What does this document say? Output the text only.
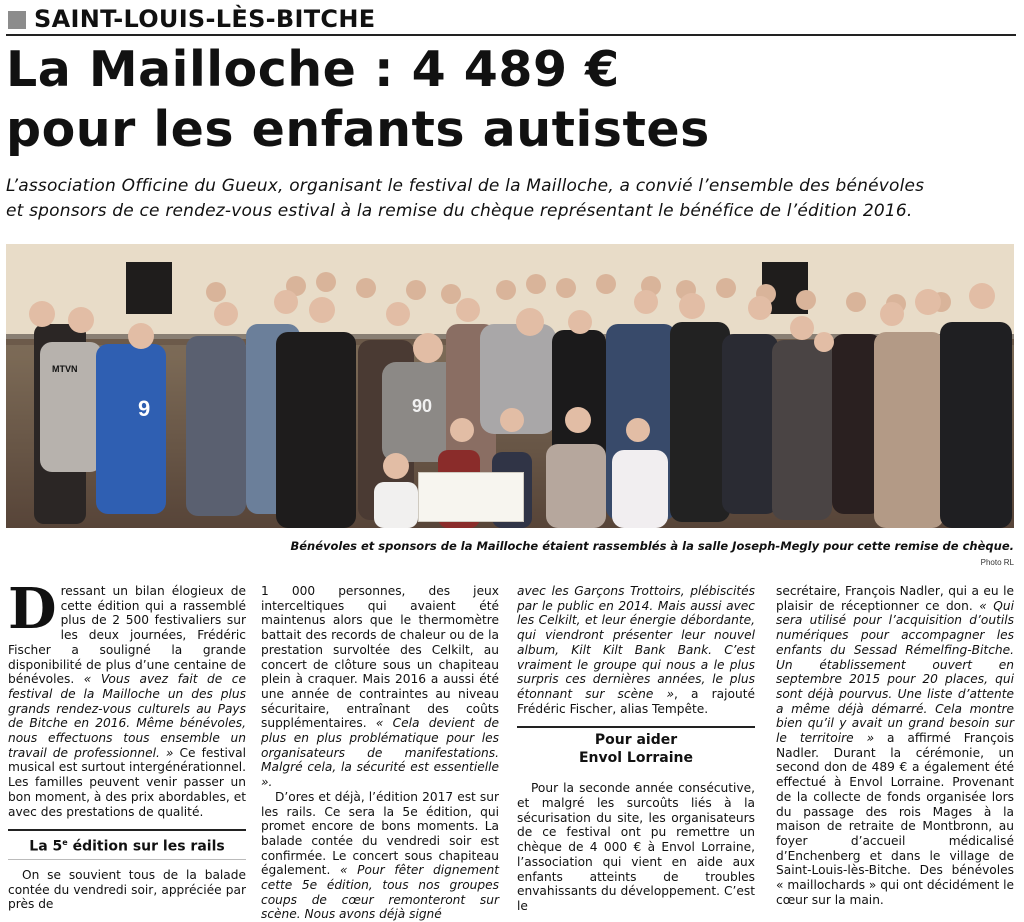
SAINT-LOUIS-LÈS-BITCHE
La Mailloche : 4 489 €
pour les enfants autistes
L’association Officine du Gueux, organisant le festival de la Mailloche, a convié l’ensemble des bénévoles
et sponsors de ce rendez-vous estival à la remise du chèque représentant le bénéfice de l’édition 2016.
9	90
MTVN
Bénévoles et sponsors de la Mailloche étaient rassemblés à la salle Joseph-Megly pour cette remise de chèque.
Photo RL

Dressant un bilan élogieux de cette édition qui a rassemblé plus de 2 500 festivaliers sur les deux journées, Frédéric Fischer a souligné la grande disponibilité de plus d’une centaine de bénévoles. « Vous avez fait de ce festival de la Mailloche un des plus grands rendez-vous culturels au Pays de Bitche en 2016. Même bénévoles, nous effectuons tous ensemble un travail de professionnel. » Ce festival musical est surtout intergénérationnel. Les familles peuvent venir passer un bon moment, à des prix abordables, et avec des prestations de qualité.

La 5e édition sur les rails

On se souvient tous de la balade contée du vendredi soir, appréciée par près de

1 000 personnes, des jeux interceltiques qui avaient été maintenus alors que le thermomètre battait des records de chaleur ou de la prestation survoltée des Celkilt, au concert de clôture sous un chapiteau plein à craquer. Mais 2016 a aussi été une année de contraintes au niveau sécuritaire, entraînant des coûts supplémentaires. « Cela devient de plus en plus problématique pour les organisateurs de manifestations. Malgré cela, la sécurité est essentielle ».

D’ores et déjà, l’édition 2017 est sur les rails. Ce sera la 5e édition, qui promet encore de bons moments. La balade contée du vendredi soir est confirmée. Le concert sous chapiteau également. « Pour fêter dignement cette 5e édition, tous nos groupes coups de cœur remonteront sur scène. Nous avons déjà signé

avec les Garçons Trottoirs, plébiscités par le public en 2014. Mais aussi avec les Celkilt, et leur énergie débordante, qui viendront présenter leur nouvel album, Kilt Kilt Bank Bank. C’est vraiment le groupe qui nous a le plus surpris ces dernières années, le plus étonnant sur scène », a rajouté Frédéric Fischer, alias Tempête.

Pour aider
Envol Lorraine

Pour la seconde année consécutive, et malgré les surcoûts liés à la sécurisation du site, les organisateurs de ce festival ont pu remettre un chèque de 4 000 € à Envol Lorraine, l’association qui vient en aide aux enfants atteints de troubles envahissants du développement. C’est le

secrétaire, François Nadler, qui a eu le plaisir de réceptionner ce don. « Qui sera utilisé pour l’acquisition d’outils numériques pour accompagner les enfants du Sessad Rémelfing-Bitche. Un établissement ouvert en septembre 2015 pour 20 places, qui sont déjà pourvus. Une liste d’attente a même déjà démarré. Cela montre bien qu’il y avait un grand besoin sur le territoire » a affirmé François Nadler. Durant la cérémonie, un second don de 489 € a également été effectué à Envol Lorraine. Provenant de la collecte de fonds organisée lors du passage des rois Mages à la maison de retraite de Montbronn, au foyer d’accueil médicalisé d’Enchenberg et dans le village de Saint-Louis-lès-Bitche. Des bénévoles « maillochards » qui ont décidément le cœur sur la main.
